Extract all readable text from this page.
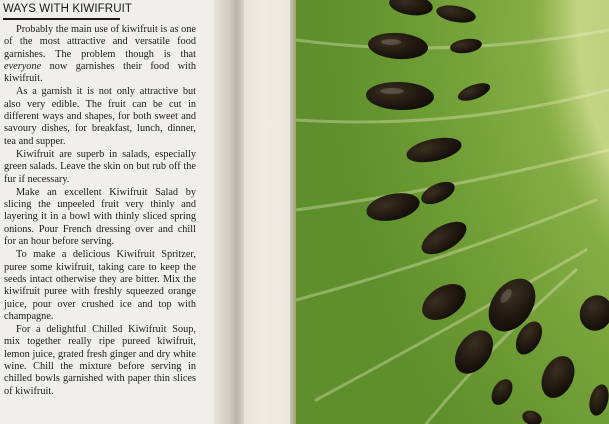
WAYS WITH KIWIFRUIT

Probably the main use of kiwifruit is as one of the most attractive and versatile food garnishes. The problem though is that everyone now garnishes their food with kiwifruit.

As a garnish it is not only attractive but also very edible. The fruit can be cut in different ways and shapes, for both sweet and savoury dishes, for breakfast, lunch, dinner, tea and supper.

Kiwifruit are superb in salads, especially green salads. Leave the skin on but rub off the fur if necessary.

Make an excellent Kiwifruit Salad by slicing the unpeeled fruit very thinly and layering it in a bowl with thinly sliced spring onions. Pour French dressing over and chill for an hour before serving.

To make a delicious Kiwifruit Spritzer, puree some kiwifruit, taking care to keep the seeds intact otherwise they are bitter. Mix the kiwifruit puree with freshly squeezed orange juice, pour over crushed ice and top with champagne.

For a delightful Chilled Kiwifruit Soup, mix together really ripe pureed kiwifruit, lemon juice, grated fresh ginger and dry white wine. Chill the mixture before serving in chilled bowls garnished with paper thin slices of kiwifruit.
